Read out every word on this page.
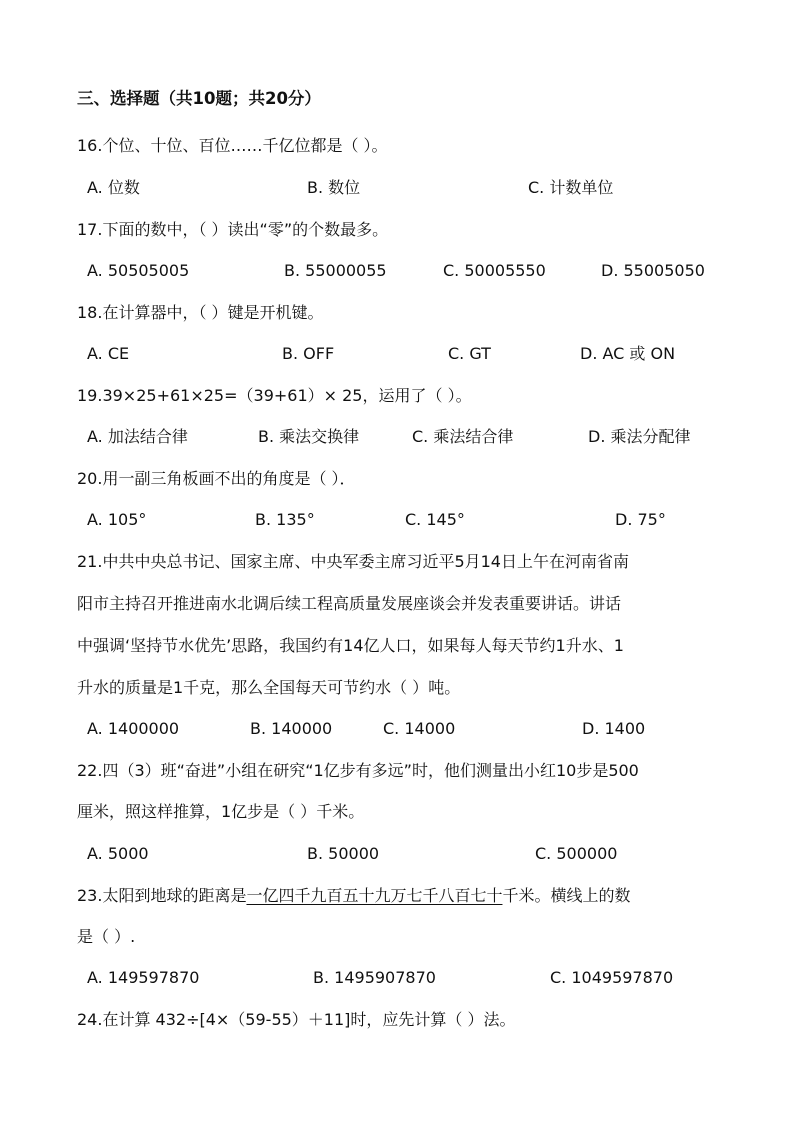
三、选择题（共10题；共20分）
16.个位、十位、百位……千亿位都是（ ）。
A. 位数	B. 数位	C. 计数单位
17.下面的数中，（ ）读出“零”的个数最多。
A. 50505005	B. 55000055	C. 50005550	D. 55005050
18.在计算器中，（ ）键是开机键。
A. CE	B. OFF	C. GT	D. AC 或 ON
19.39×25+61×25=（39+61）× 25，运用了（ ）。
A. 加法结合律	B. 乘法交换律	C. 乘法结合律	D. 乘法分配律
20.用一副三角板画不出的角度是（ ）．
A. 105°	B. 135°	C. 145°	D. 75°
21.中共中央总书记、国家主席、中央军委主席习近平5月14日上午在河南省南
阳市主持召开推进南水北调后续工程高质量发展座谈会并发表重要讲话。讲话
中强调‘坚持节水优先’思路，我国约有14亿人口，如果每人每天节约1升水、1
升水的质量是1千克，那么全国每天可节约水（ ）吨。
A. 1400000	B. 140000	C. 14000	D. 1400
22.四（3）班“奋进”小组在研究“1亿步有多远”时，他们测量出小红10步是500
厘米，照这样推算，1亿步是（ ）千米。
A. 5000	B. 50000	C. 500000
23.太阳到地球的距离是一亿四千九百五十九万七千八百七十千米。横线上的数
是（ ）.
A. 149597870	B. 1495907870	C. 1049597870
24.在计算 432÷[4×（59-55）＋11]时，应先计算（ ）法。
